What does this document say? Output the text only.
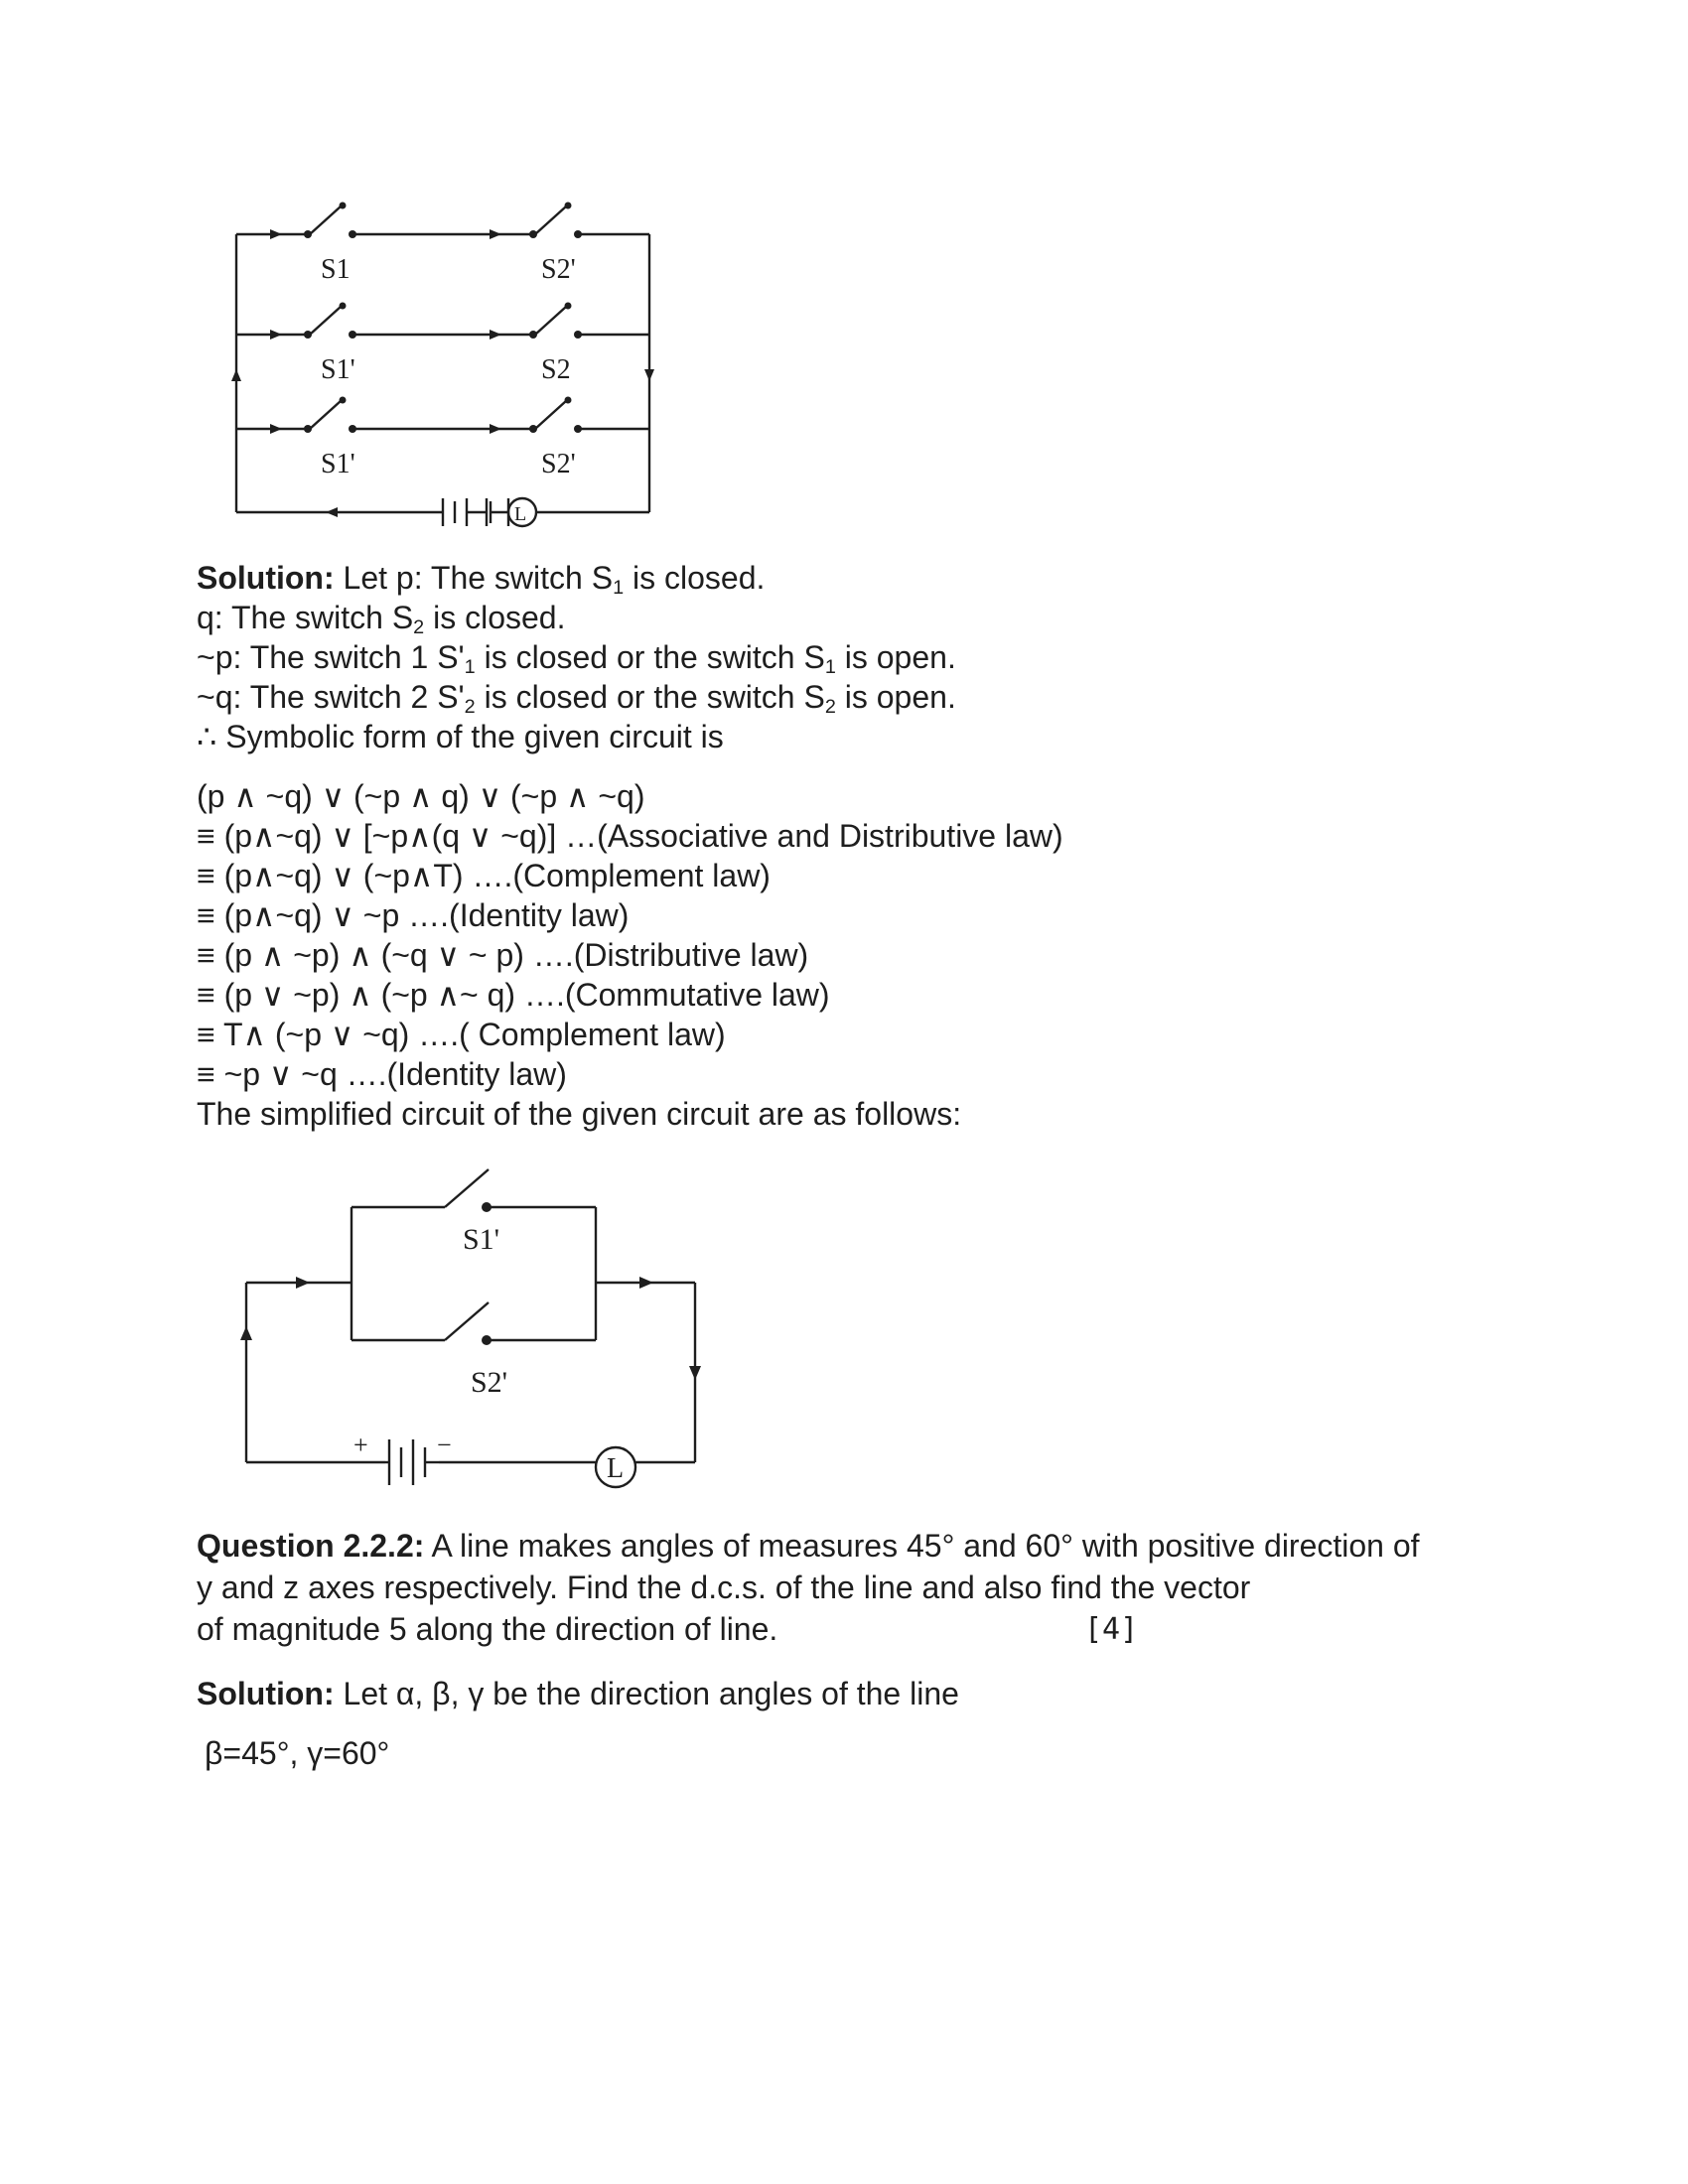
S1	S2'
S1'	S2
S1'	S2'
L
Solution: Let p: The switch $S_1$ is closed.
q: The switch $S_2$ is closed.
~p: The switch 1 $S'_1$ is closed or the switch $S_1$ is open.
~q: The switch 2 $S'_2$ is closed or the switch $S_2$ is open.
∴ Symbolic form of the given circuit is
(p ∧ ~q) ∨ (~p ∧ q) ∨ (~p ∧ ~q)
≡ (p∧~q) ∨ [~p∧(q ∨ ~q)] …(Associative and Distributive law)
≡ (p∧~q) ∨ (~p∧T) ….(Complement law)
≡ (p∧~q) ∨ ~p ….(Identity law)
≡ (p ∧ ~p) ∧ (~q ∨ ~ p) ….(Distributive law)
≡ (p ∨ ~p) ∧ (~p ∧~ q) ….(Commutative law)
≡ T∧ (~p ∨ ~q) ….( Complement law)
≡ ~p ∨ ~q ….(Identity law)
The simplified circuit of the given circuit are as follows:
S1'
S2'
+	−
L
Question 2.2.2: A line makes angles of measures 45° and 60° with positive direction of
y and z axes respectively. Find the d.c.s. of the line and also find the vector
of magnitude 5 along the direction of line.	[4]
Solution: Let α, β, γ be the direction angles of the line
β=45°, γ=60°
